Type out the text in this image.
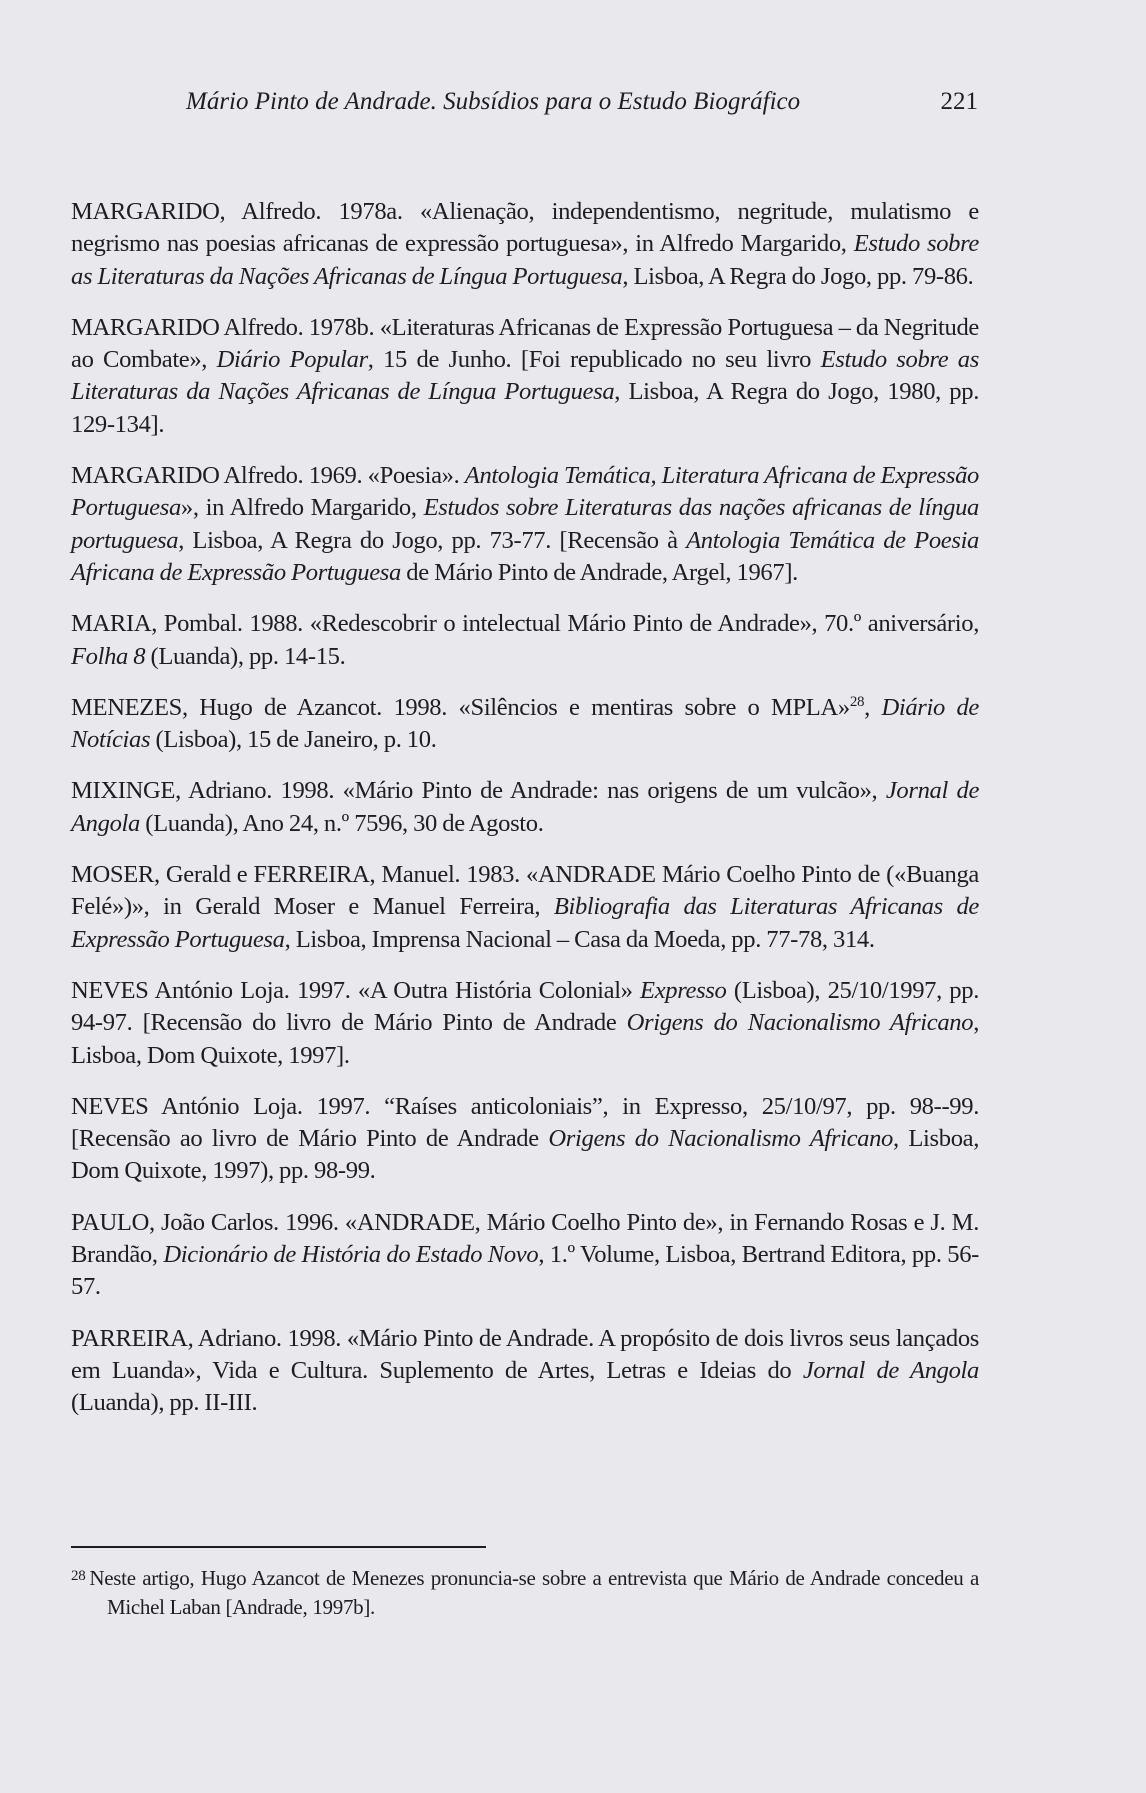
Mário Pinto de Andrade. Subsídios para o Estudo Biográfico	221

MARGARIDO, Alfredo. 1978a. «Alienação, independentismo, negritude, mulatismo e negrismo nas poesias africanas de expressão portuguesa», in Alfredo Margarido, Estudo sobre as Literaturas da Nações Africanas de Língua Portuguesa, Lisboa, A Regra do Jogo, pp. 79-86.

MARGARIDO Alfredo. 1978b. «Literaturas Africanas de Expressão Portuguesa – da Negritude ao Combate», Diário Popular, 15 de Junho. [Foi republicado no seu livro Estudo sobre as Literaturas da Nações Africanas de Língua Portuguesa, Lisboa, A Regra do Jogo, 1980, pp. 129-134].

MARGARIDO Alfredo. 1969. «Poesia». Antologia Temática, Literatura Africana de Expressão Portuguesa», in Alfredo Margarido, Estudos sobre Literaturas das nações africanas de língua portuguesa, Lisboa, A Regra do Jogo, pp. 73-77. [Recensão à Antologia Temática de Poesia Africana de Expressão Portuguesa de Mário Pinto de Andrade, Argel, 1967].

MARIA, Pombal. 1988. «Redescobrir o intelectual Mário Pinto de Andrade», 70.º aniversário, Folha 8 (Luanda), pp. 14-15.

MENEZES, Hugo de Azancot. 1998. «Silêncios e mentiras sobre o MPLA»$^{28}$, Diário de Notícias (Lisboa), 15 de Janeiro, p. 10.

MIXINGE, Adriano. 1998. «Mário Pinto de Andrade: nas origens de um vulcão», Jornal de Angola (Luanda), Ano 24, n.º 7596, 30 de Agosto.

MOSER, Gerald e FERREIRA, Manuel. 1983. «ANDRADE Mário Coelho Pinto de («Buanga Felé»)», in Gerald Moser e Manuel Ferreira, Bibliografia das Literaturas Africanas de Expressão Portuguesa, Lisboa, Imprensa Nacional – Casa da Moeda, pp. 77-78, 314.

NEVES António Loja. 1997. «A Outra História Colonial» Expresso (Lisboa), 25/10/1997, pp. 94-97. [Recensão do livro de Mário Pinto de Andrade Origens do Nacionalismo Africano, Lisboa, Dom Quixote, 1997].

NEVES António Loja. 1997. “Raíses anticoloniais”, in Expresso, 25/10/97, pp. 98--99. [Recensão ao livro de Mário Pinto de Andrade Origens do Nacionalismo Africano, Lisboa, Dom Quixote, 1997), pp. 98-99.

PAULO, João Carlos. 1996. «ANDRADE, Mário Coelho Pinto de», in Fernando Rosas e J. M. Brandão, Dicionário de História do Estado Novo, 1.º Volume, Lisboa, Bertrand Editora, pp. 56-57.

PARREIRA, Adriano. 1998. «Mário Pinto de Andrade. A propósito de dois livros seus lançados em Luanda», Vida e Cultura. Suplemento de Artes, Letras e Ideias do Jornal de Angola (Luanda), pp. II-III.

$^{28}$ Neste artigo, Hugo Azancot de Menezes pronuncia-se sobre a entrevista que Mário de Andrade concedeu a Michel Laban [Andrade, 1997b].
